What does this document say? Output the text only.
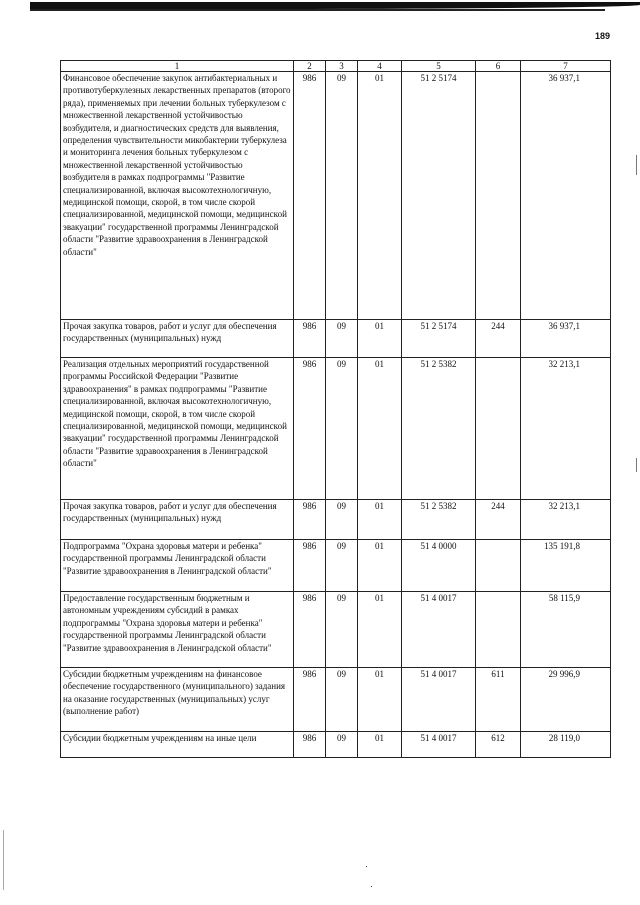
189
1	2	3	4	5	6	7
Финансовое обеспечение закупок антибактериальных и противотуберкулезных лекарственных препаратов (второго ряда), применяемых при лечении больных туберкулезом с множественной лекарственной устойчивостью возбудителя, и диагностических средств для выявления, определения чувствительности микобактерии туберкулеза и мониторинга лечения больных туберкулезом с множественной лекарственной устойчивостью возбудителя в рамках подпрограммы "Развитие специализированной, включая высокотехнологичную, медицинской помощи, скорой, в том числе скорой специализированной, медицинской помощи, медицинской эвакуации" государственной программы Ленинградской области "Развитие здравоохранения в Ленинградской области"	986	09	01	51 2 5174		36 937,1
Прочая закупка товаров, работ и услуг для обеспечения государственных (муниципальных) нужд	986	09	01	51 2 5174	244	36 937,1
Реализация отдельных мероприятий государственной программы Российской Федерации "Развитие здравоохранения" в рамках подпрограммы "Развитие специализированной, включая высокотехнологичную, медицинской помощи, скорой, в том числе скорой специализированной, медицинской помощи, медицинской эвакуации" государственной программы Ленинградской области "Развитие здравоохранения в Ленинградской области"	986	09	01	51 2 5382		32 213,1
Прочая закупка товаров, работ и услуг для обеспечения государственных (муниципальных) нужд	986	09	01	51 2 5382	244	32 213,1
Подпрограмма "Охрана здоровья матери и ребенка" государственной программы Ленинградской области "Развитие здравоохранения в Ленинградской области"	986	09	01	51 4 0000		135 191,8
Предоставление государственным бюджетным и автономным учреждениям субсидий в рамках подпрограммы "Охрана здоровья матери и ребенка" государственной программы Ленинградской области "Развитие здравоохранения в Ленинградской области"	986	09	01	51 4 0017		58 115,9
Субсидии бюджетным учреждениям на финансовое обеспечение государственного (муниципального) задания на оказание государственных (муниципальных) услуг (выполнение работ)	986	09	01	51 4 0017	611	29 996,9
Субсидии бюджетным учреждениям на иные цели	986	09	01	51 4 0017	612	28 119,0
